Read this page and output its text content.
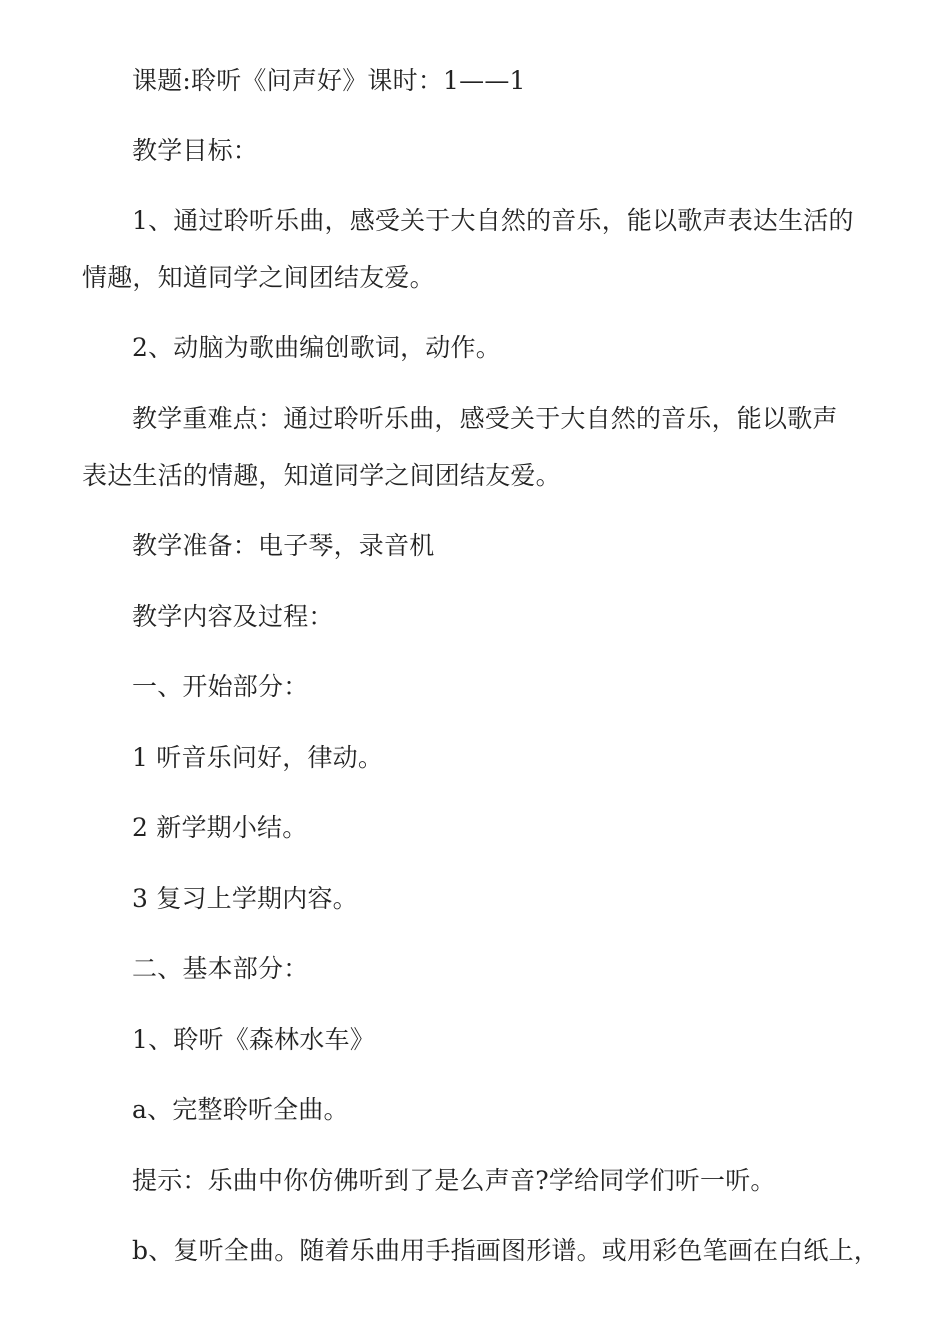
课题:聆听《问声好》课时：1——1

教学目标：

1、通过聆听乐曲，感受关于大自然的音乐，能以歌声表达生活的

情趣，知道同学之间团结友爱。

2、动脑为歌曲编创歌词，动作。

教学重难点：通过聆听乐曲，感受关于大自然的音乐，能以歌声

表达生活的情趣，知道同学之间团结友爱。

教学准备：电子琴，录音机

教学内容及过程：

一、开始部分：

1 听音乐问好，律动。

2 新学期小结。

3 复习上学期内容。

二、基本部分：

1、聆听《森林水车》

a、完整聆听全曲。

提示：乐曲中你仿佛听到了是么声音?学给同学们听一听。

b、复听全曲。随着乐曲用手指画图形谱。或用彩色笔画在白纸上，
